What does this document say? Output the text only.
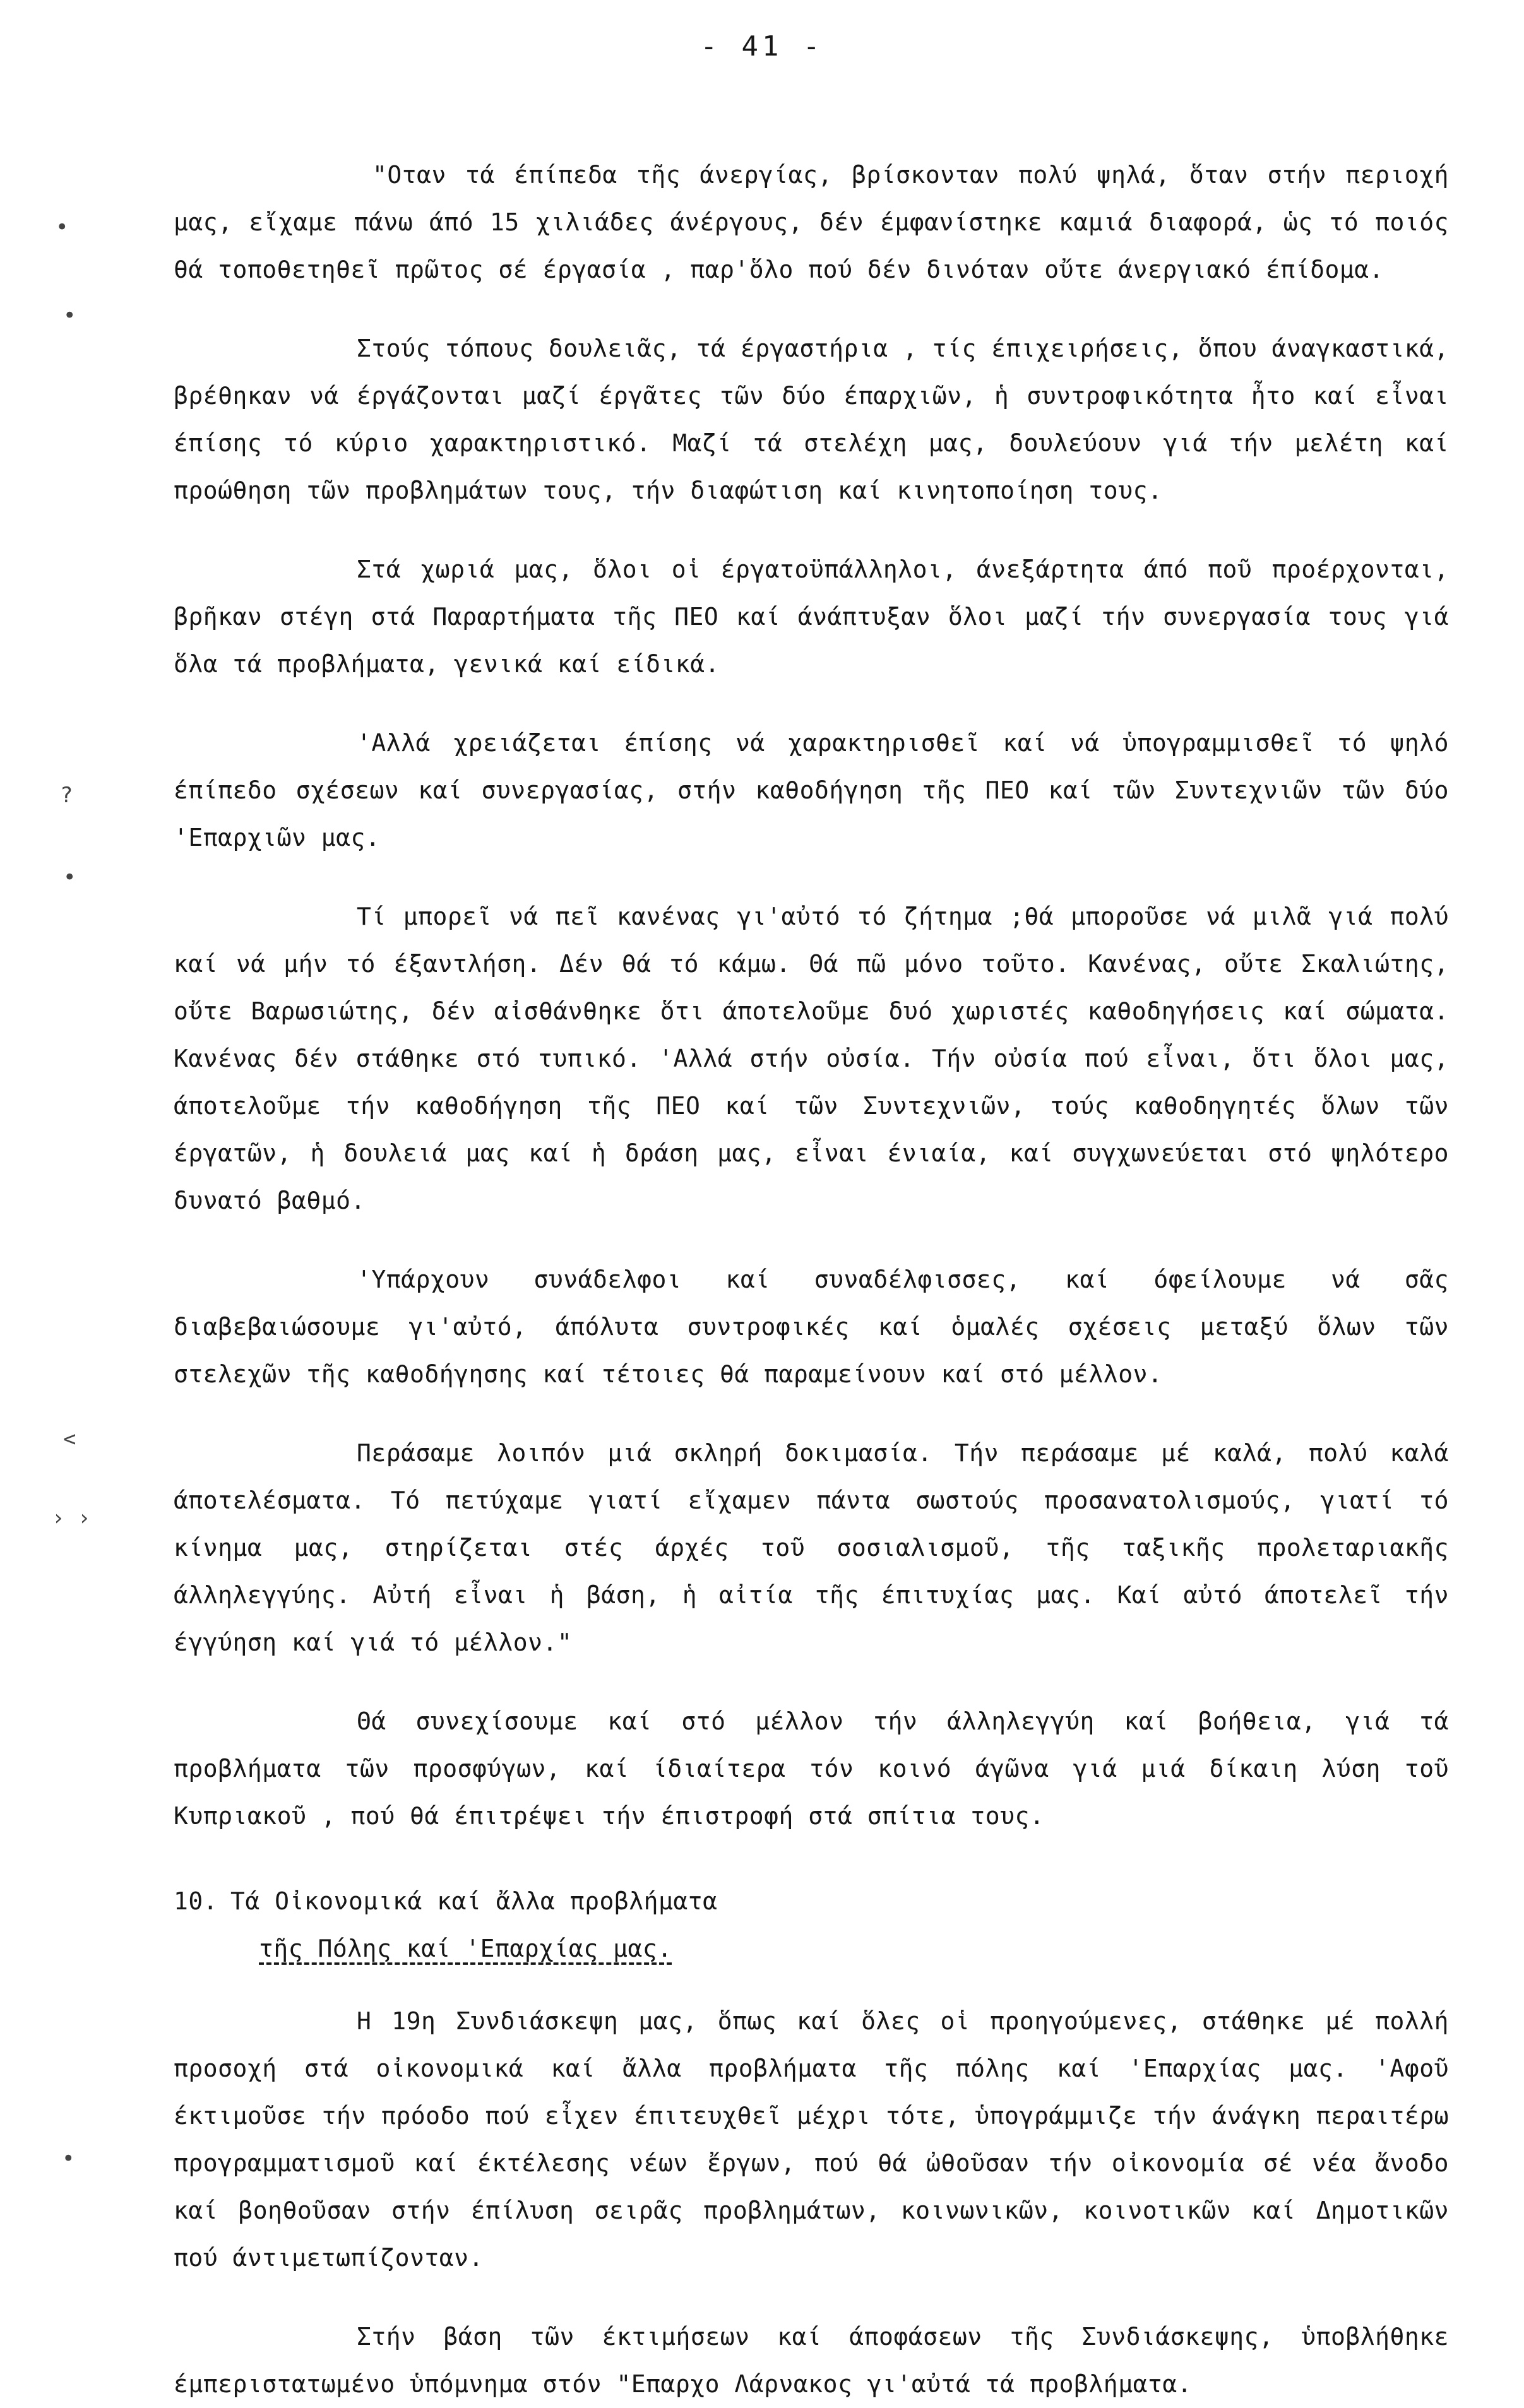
- 41 -
•
•
?
•
<
› ›
•

"Οταν τά έπίπεδα τῆς άνεργίας, βρίσκονταν πολύ ψηλά, ὅταν στήν περιοχή μας, εἴχαμε πάνω άπό 15 χιλιάδες άνέργους, δέν έμφανίστηκε καμιά διαφορά, ὡς τό ποιός θά τοποθετηθεῖ πρῶτος σέ έργασία , παρ'ὅλο πού δέν δινόταν οὔτε άνεργιακό έπίδομα.

Στούς τόπους δουλειᾶς, τά έργαστήρια , τίς έπιχειρήσεις, ὅπου άναγκαστικά, βρέθηκαν νά έργάζονται μαζί έργᾶτες τῶν δύο έπαρχιῶν, ἡ συντροφικότητα ἦτο καί εἶναι έπίσης τό κύριο χαρακτηριστικό. Μαζί τά στελέχη μας, δουλεύουν γιά τήν μελέτη καί προώθηση τῶν προβλημάτων τους, τήν διαφώτιση καί κινητοποίηση τους.

Στά χωριά μας, ὅλοι οἱ έργατοϋπάλληλοι, άνεξάρτητα άπό ποῦ προέρχονται, βρῆκαν στέγη στά Παραρτήματα τῆς ΠΕΟ καί άνάπτυξαν ὅλοι μαζί τήν συνεργασία τους γιά ὅλα τά προβλήματα, γενικά καί είδικά.

'Αλλά χρειάζεται έπίσης νά χαρακτηρισθεῖ καί νά ὑπογραμμισθεῖ τό ψηλό έπίπεδο σχέσεων καί συνεργασίας, στήν καθοδήγηση τῆς ΠΕΟ καί τῶν Συντεχνιῶν τῶν δύο 'Επαρχιῶν μας.

Τί μπορεῖ νά πεῖ κανένας γι'αὐτό τό ζήτημα ;θά μποροῦσε νά μιλᾶ γιά πολύ καί νά μήν τό έξαντλήση. Δέν θά τό κάμω. Θά πῶ μόνο τοῦτο. Κανένας, οὔτε Σκαλιώτης, οὔτε Βαρωσιώτης, δέν αἰσθάνθηκε ὅτι άποτελοῦμε δυό χωριστές καθοδηγήσεις καί σώματα. Κανένας δέν στάθηκε στό τυπικό. 'Αλλά στήν οὐσία. Τήν οὐσία πού εἶναι, ὅτι ὅλοι μας, άποτελοῦμε τήν καθοδήγηση τῆς ΠΕΟ καί τῶν Συντεχνιῶν, τούς καθοδηγητές ὅλων τῶν έργατῶν, ἡ δουλειά μας καί ἡ δράση μας, εἶναι ένιαία, καί συγχωνεύεται στό ψηλότερο δυνατό βαθμό.

'Υπάρχουν συνάδελφοι καί συναδέλφισσες, καί όφείλουμε νά σᾶς διαβεβαιώσουμε γι'αὐτό, άπόλυτα συντροφικές καί ὁμαλές σχέσεις μεταξύ ὅλων τῶν στελεχῶν τῆς καθοδήγησης καί τέτοιες θά παραμείνουν καί στό μέλλον.

Περάσαμε λοιπόν μιά σκληρή δοκιμασία. Τήν περάσαμε μέ καλά, πολύ καλά άποτελέσματα. Τό πετύχαμε γιατί εἴχαμεν πάντα σωστούς προσανατολισμούς, γιατί τό κίνημα μας, στηρίζεται στές άρχές τοῦ σοσιαλισμοῦ, τῆς ταξικῆς προλεταριακῆς άλληλεγγύης. Αὐτή εἶναι ἡ βάση, ἡ αἰτία τῆς έπιτυχίας μας. Καί αὐτό άποτελεῖ τήν έγγύηση καί γιά τό μέλλον."

Θά συνεχίσουμε καί στό μέλλον τήν άλληλεγγύη καί βοήθεια, γιά τά προβλήματα τῶν προσφύγων, καί ίδιαίτερα τόν κοινό άγῶνα γιά μιά δίκαιη λύση τοῦ Κυπριακοῦ , πού θά έπιτρέψει τήν έπιστροφή στά σπίτια τους.

10. Τά Οἰκονομικά καί ἄλλα προβλήματα
τῆς Πόλης καί 'Επαρχίας μας.

Η 19η Συνδιάσκεψη μας, ὅπως καί ὅλες οἱ προηγούμενες, στάθηκε μέ πολλή προσοχή στά οἰκονομικά καί ἄλλα προβλήματα τῆς πόλης καί 'Επαρχίας μας. 'Αφοῦ έκτιμοῦσε τήν πρόοδο πού εἶχεν έπιτευχθεῖ μέχρι τότε, ὑπογράμμιζε τήν άνάγκη περαιτέρω προγραμματισμοῦ καί έκτέλεσης νέων ἔργων, πού θά ὠθοῦσαν τήν οἰκονομία σέ νέα ἄνοδο καί βοηθοῦσαν στήν έπίλυση σειρᾶς προβλημάτων, κοινωνικῶν, κοινοτικῶν καί Δημοτικῶν πού άντιμετωπίζονταν.

Στήν βάση τῶν έκτιμήσεων καί άποφάσεων τῆς Συνδιάσκεψης, ὑποβλήθηκε έμπεριστατωμένο ὑπόμνημα στόν "Επαρχο Λάρνακος γι'αὐτά τά προβλήματα.
